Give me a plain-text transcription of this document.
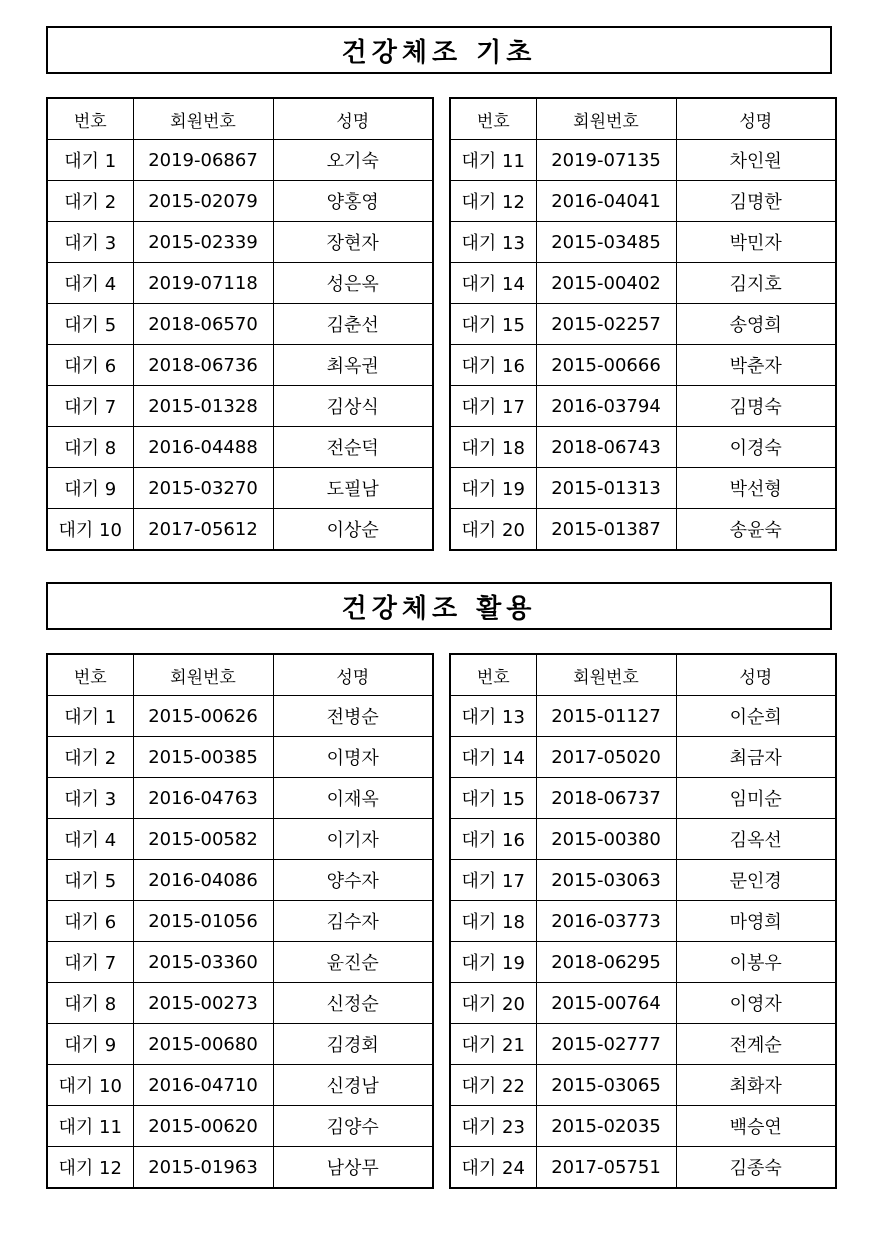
건강체조 기초
번호	회원번호	성명
대기 1	2019-06867	오기숙
대기 2	2015-02079	양홍영
대기 3	2015-02339	장현자
대기 4	2019-07118	성은옥
대기 5	2018-06570	김춘선
대기 6	2018-06736	최옥권
대기 7	2015-01328	김상식
대기 8	2016-04488	전순덕
대기 9	2015-03270	도필남
대기 10	2017-05612	이상순
번호	회원번호	성명
대기 11	2019-07135	차인원
대기 12	2016-04041	김명한
대기 13	2015-03485	박민자
대기 14	2015-00402	김지호
대기 15	2015-02257	송영희
대기 16	2015-00666	박춘자
대기 17	2016-03794	김명숙
대기 18	2018-06743	이경숙
대기 19	2015-01313	박선형
대기 20	2015-01387	송윤숙
건강체조 활용
번호	회원번호	성명
대기 1	2015-00626	전병순
대기 2	2015-00385	이명자
대기 3	2016-04763	이재옥
대기 4	2015-00582	이기자
대기 5	2016-04086	양수자
대기 6	2015-01056	김수자
대기 7	2015-03360	윤진순
대기 8	2015-00273	신정순
대기 9	2015-00680	김경회
대기 10	2016-04710	신경남
대기 11	2015-00620	김양수
대기 12	2015-01963	남상무
번호	회원번호	성명
대기 13	2015-01127	이순희
대기 14	2017-05020	최금자
대기 15	2018-06737	임미순
대기 16	2015-00380	김옥선
대기 17	2015-03063	문인경
대기 18	2016-03773	마영희
대기 19	2018-06295	이봉우
대기 20	2015-00764	이영자
대기 21	2015-02777	전계순
대기 22	2015-03065	최화자
대기 23	2015-02035	백승연
대기 24	2017-05751	김종숙
